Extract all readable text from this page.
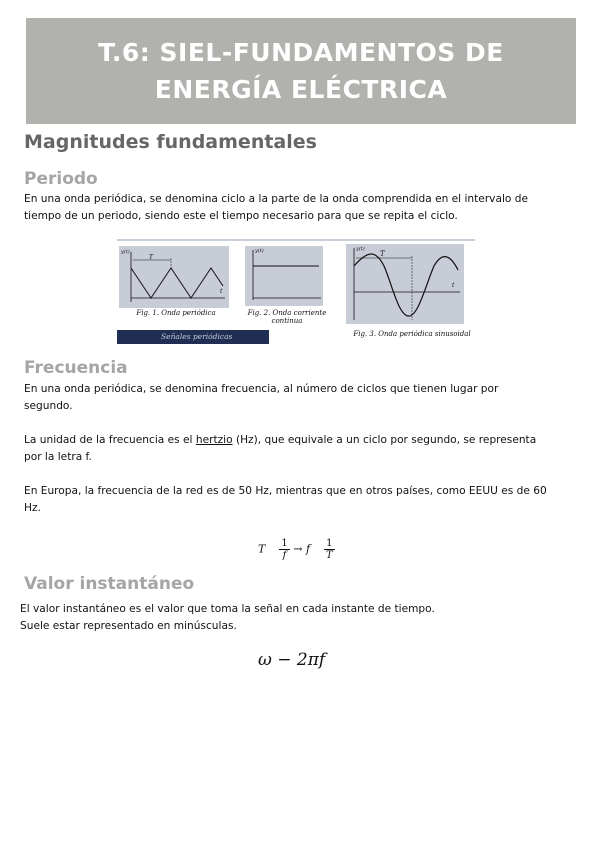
T.6: SIEL-FUNDAMENTOS DE ENERGÍA ELÉCTRICA
Magnitudes fundamentales
Periodo

En una onda periódica, se denomina ciclo a la parte de la onda comprendida en el intervalo de tiempo de un periodo, siendo este el tiempo necesario para que se repita el ciclo.

y(t)
T
t
Fig. 1. Onda periódica
y(t)
Fig. 2. Onda corriente continua
y(t)
T
t
Fig. 3. Onda periódica sinusoidal
Señales periódicas
Frecuencia

En una onda periódica, se denomina frecuencia, al número de ciclos que tienen lugar por segundo.

La unidad de la frecuencia es el hertzio (Hz), que equivale a un ciclo por segundo, se representa por la letra f.

En Europa, la frecuencia de la red es de 50 Hz, mientras que en otros países, como EEUU es de 60 Hz.

T $\frac{1}{f} \to f \frac{1}{T}$
Valor instantáneo

El valor instantáneo es el valor que toma la señal en cada instante de tiempo.

Suele estar representado en minúsculas.

ω − 2πf
